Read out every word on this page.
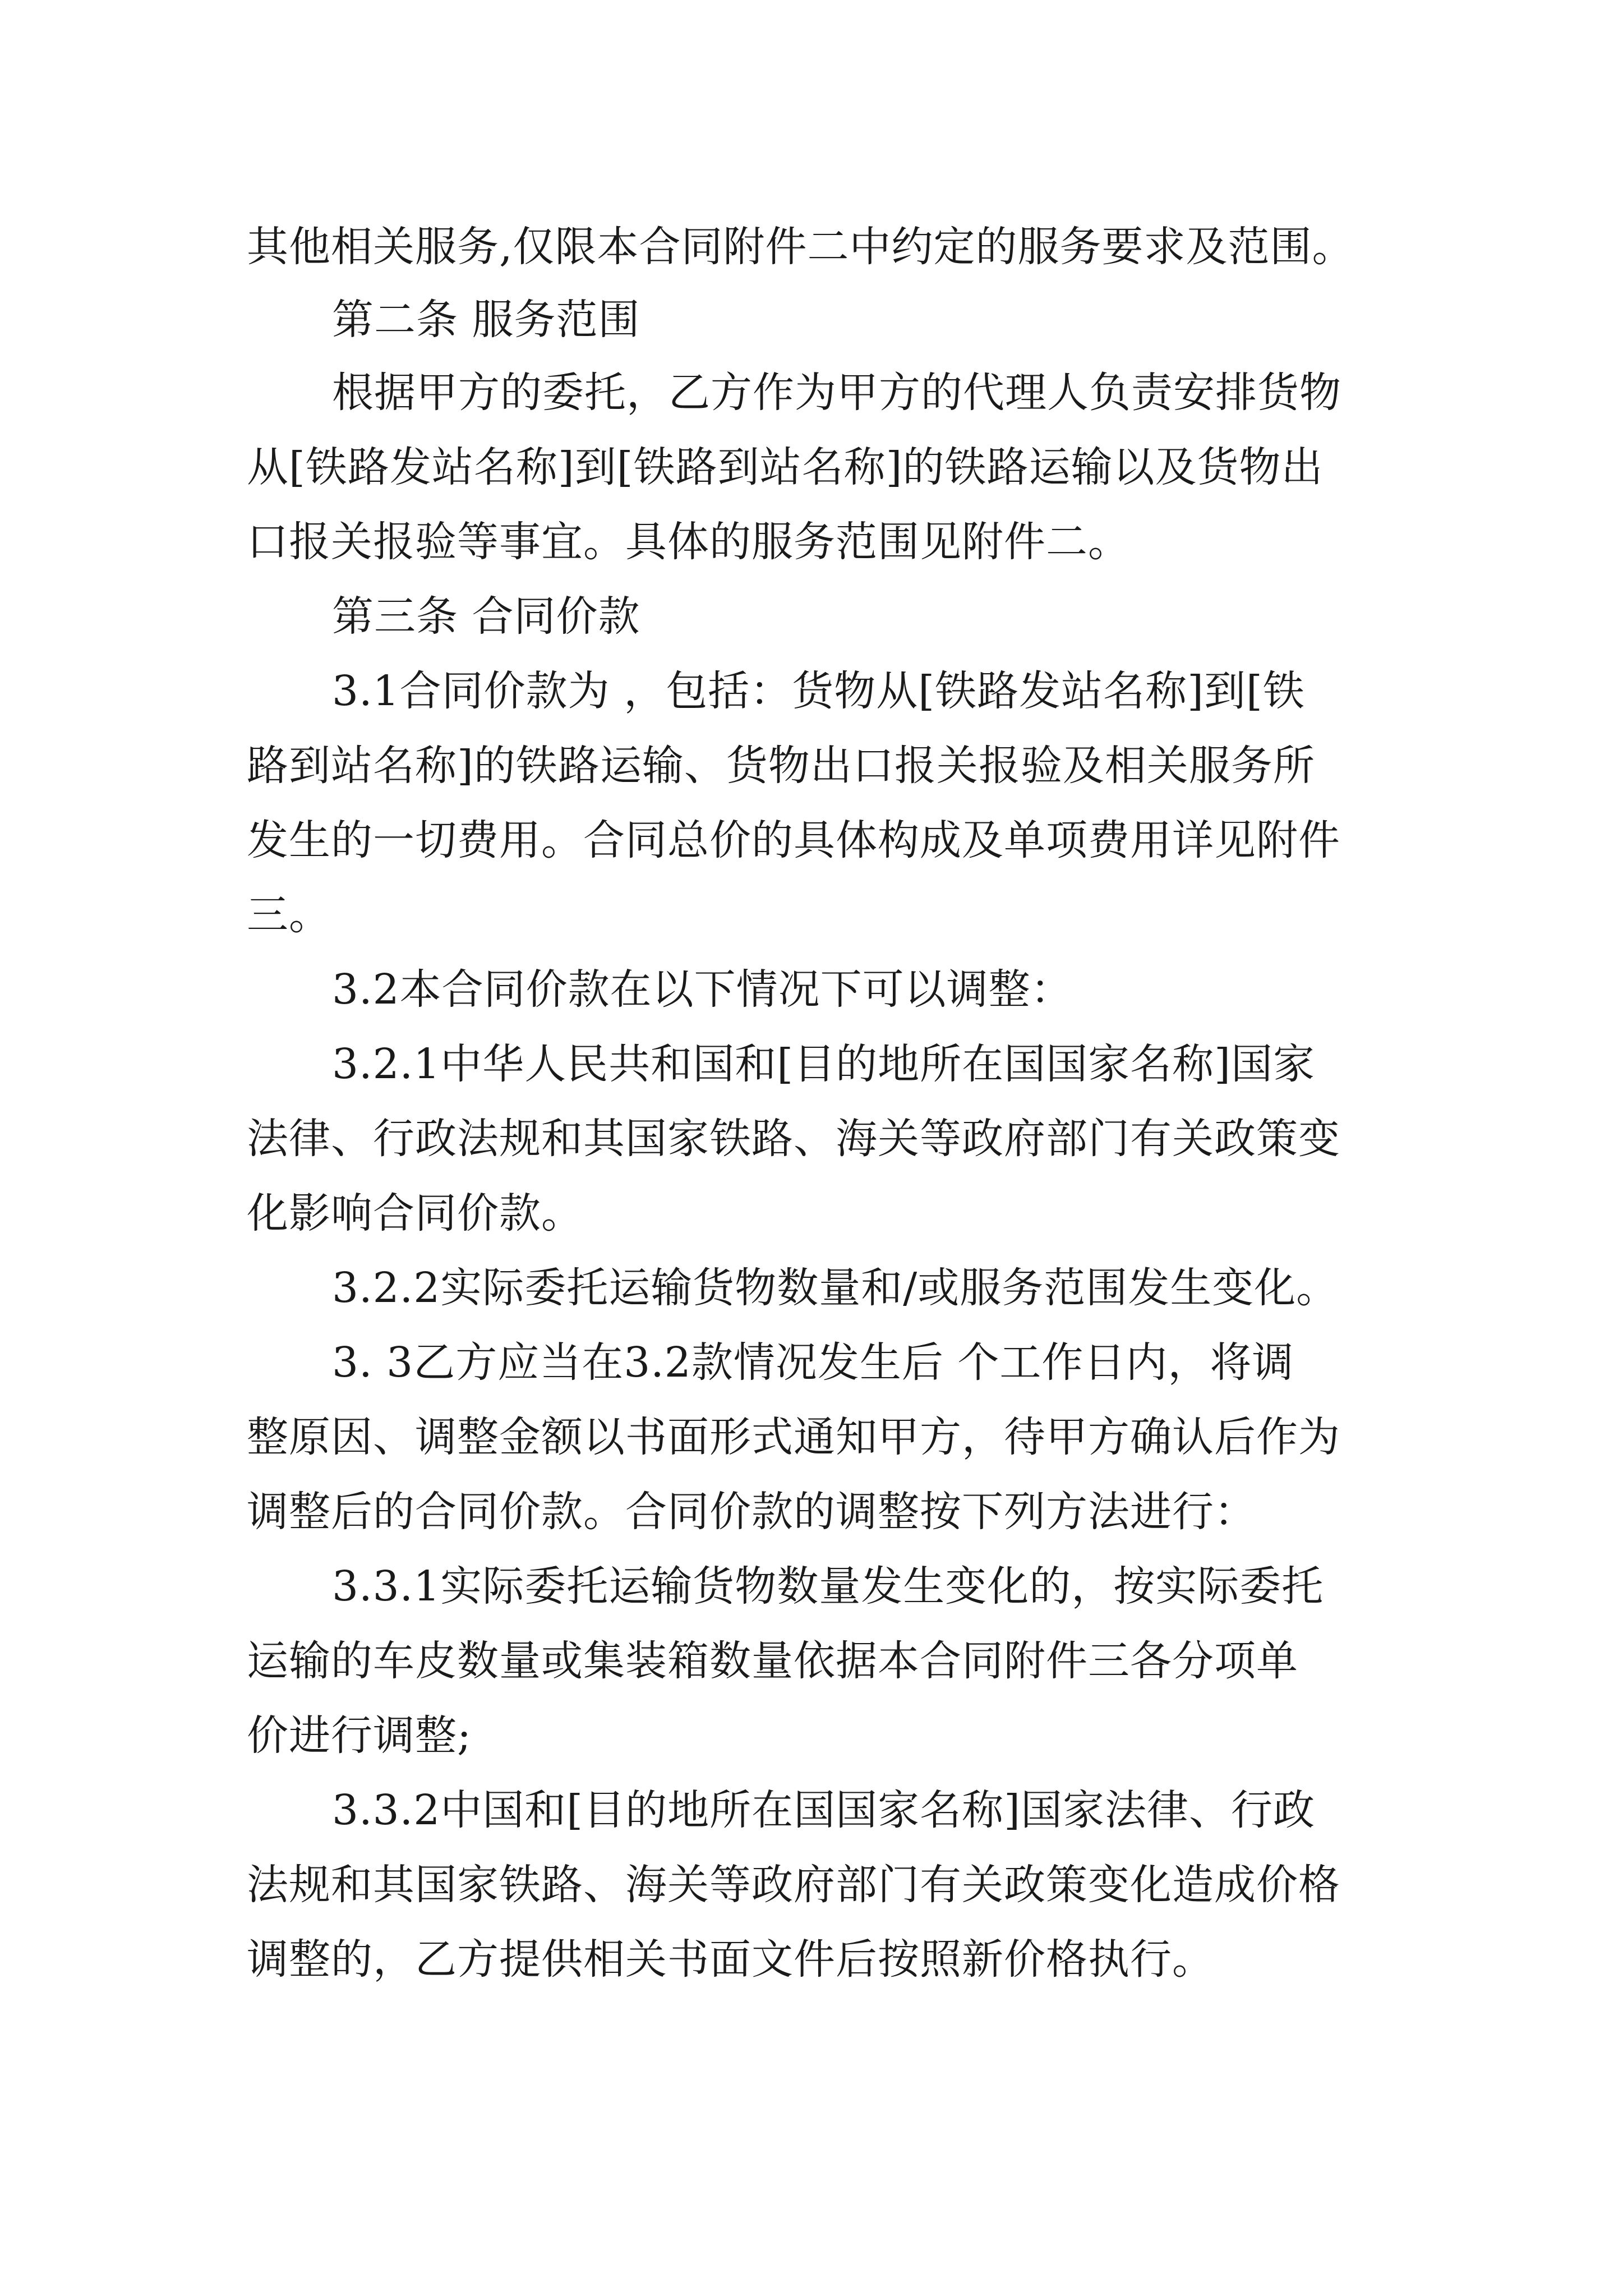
其他相关服务,仅限本合同附件二中约定的服务要求及范围。
第二条 服务范围
根据甲方的委托，乙方作为甲方的代理人负责安排货物
从[铁路发站名称]到[铁路到站名称]的铁路运输以及货物出
口报关报验等事宜。具体的服务范围见附件二。
第三条 合同价款
3.1合同价款为 ，包括：货物从[铁路发站名称]到[铁
路到站名称]的铁路运输、货物出口报关报验及相关服务所
发生的一切费用。合同总价的具体构成及单项费用详见附件
三。
3.2本合同价款在以下情况下可以调整：
3.2.1中华人民共和国和[目的地所在国国家名称]国家
法律、行政法规和其国家铁路、海关等政府部门有关政策变
化影响合同价款。
3.2.2实际委托运输货物数量和/或服务范围发生变化。
3. 3乙方应当在3.2款情况发生后 个工作日内，将调
整原因、调整金额以书面形式通知甲方，待甲方确认后作为
调整后的合同价款。合同价款的调整按下列方法进行：
3.3.1实际委托运输货物数量发生变化的，按实际委托
运输的车皮数量或集装箱数量依据本合同附件三各分项单
价进行调整;
3.3.2中国和[目的地所在国国家名称]国家法律、行政
法规和其国家铁路、海关等政府部门有关政策变化造成价格
调整的，乙方提供相关书面文件后按照新价格执行。
